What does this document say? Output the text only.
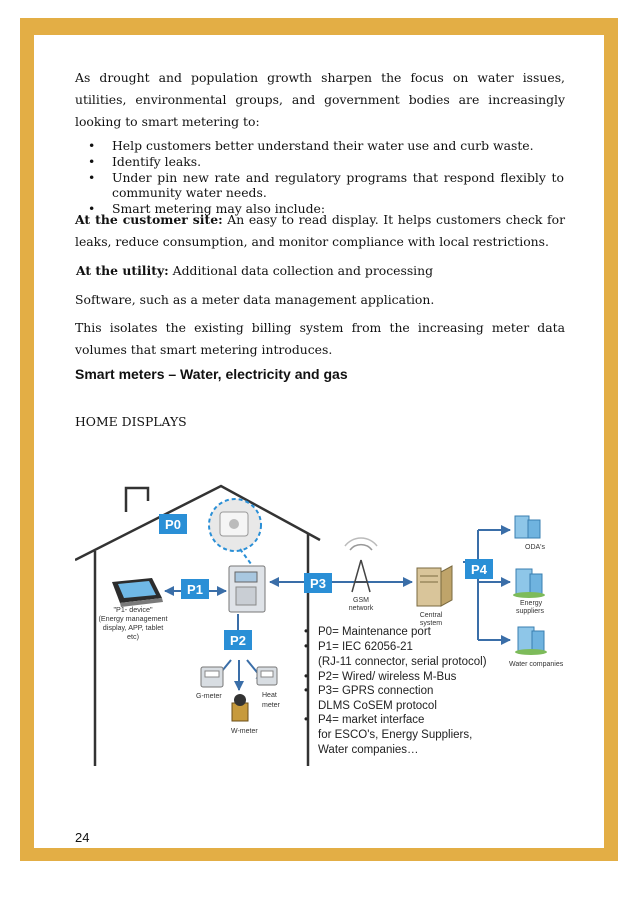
As drought and population growth sharpen the focus on water issues, utilities, environmental groups, and government bodies are increasingly looking to smart metering to:
• Help customers better understand their water use and curb waste.
• Identify leaks.
• Under pin new rate and regulatory programs that respond flexibly to community water needs.
• Smart metering may also include:
At the customer site: An easy to read display. It helps customers check for leaks, reduce consumption, and monitor compliance with local restrictions.
At the utility: Additional data collection and processing
Software, such as a meter data management application.
This isolates the existing billing system from the increasing meter data volumes that smart metering introduces.
Smart meters – Water, electricity and gas
HOME DISPLAYS
P0
P1
P2
P3
P4
GSM
network
Central
system
ODA's
Energy
suppliers
Water companies
"P1- device"
(Energy management
display, APP, tablet
etc)
G-meter	Heat
meter
W-meter
• P0= Maintenance port
• P1= IEC 62056-21
(RJ-11 connector, serial protocol)
• P2= Wired/ wireless M-Bus
• P3= GPRS connection
DLMS CoSEM protocol
• P4= market interface
for ESCO's, Energy Suppliers,
Water companies…
24
